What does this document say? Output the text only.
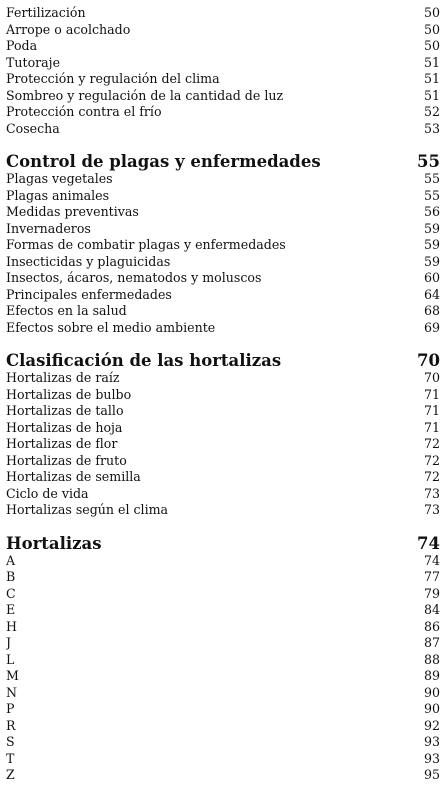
Fertilización	50
Arrope o acolchado	50
Poda	50
Tutoraje	51
Protección y regulación del clima	51
Sombreo y regulación de la cantidad de luz	51
Protección contra el frío	52
Cosecha	53
Control de plagas y enfermedades	55
Plagas vegetales	55
Plagas animales	55
Medidas preventivas	56
Invernaderos	59
Formas de combatir plagas y enfermedades	59
Insecticidas y plaguicidas	59
Insectos, ácaros, nematodos y moluscos	60
Principales enfermedades	64
Efectos en la salud	68
Efectos sobre el medio ambiente	69
Clasificación de las hortalizas	70
Hortalizas de raíz	70
Hortalizas de bulbo	71
Hortalizas de tallo	71
Hortalizas de hoja	71
Hortalizas de flor	72
Hortalizas de fruto	72
Hortalizas de semilla	72
Ciclo de vida	73
Hortalizas según el clima	73
Hortalizas	74
A	74
B	77
C	79
E	84
H	86
J	87
L	88
M	89
N	90
P	90
R	92
S	93
T	93
Z	95
